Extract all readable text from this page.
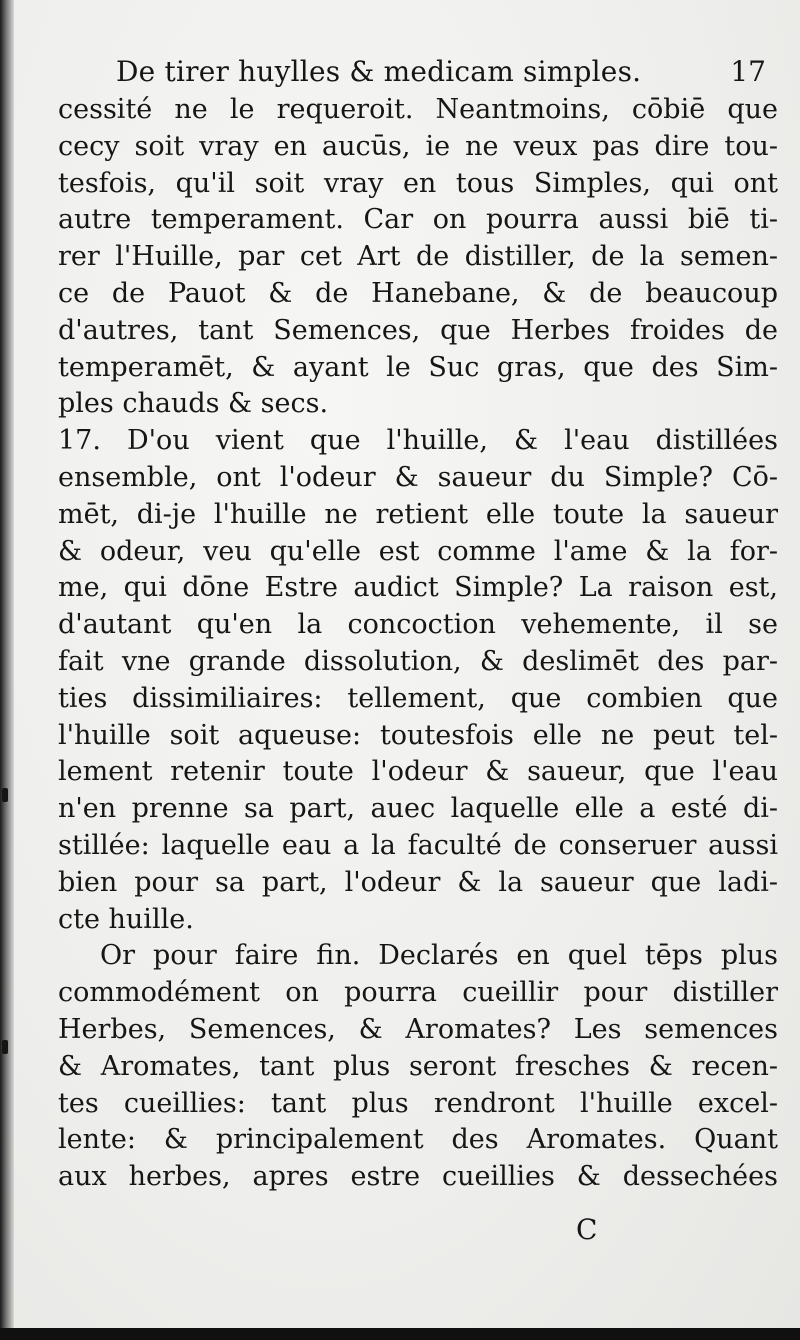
De tirer huylles & medicam simples.	17
cessité ne le requeroit. Neantmoins, cōbiē que
cecy soit vray en aucūs, ie ne veux pas dire tou-
tesfois, qu'il soit vray en tous Simples, qui ont
autre temperament. Car on pourra aussi biē ti-
rer l'Huille, par cet Art de distiller, de la semen-
ce de Pauot & de Hanebane, & de beaucoup
d'autres, tant Semences, que Herbes froides de
temperamēt, & ayant le Suc gras, que des Sim-
ples chauds & secs.
17. D'ou vient que l'huille, & l'eau distillées
ensemble, ont l'odeur & saueur du Simple? Cō-
mēt, di-je l'huille ne retient elle toute la saueur
& odeur, veu qu'elle est comme l'ame & la for-
me, qui dōne Estre audict Simple? La raison est,
d'autant qu'en la concoction vehemente, il se
fait vne grande dissolution, & deslimēt des par-
ties dissimiliaires: tellement, que combien que
l'huille soit aqueuse: toutesfois elle ne peut tel-
lement retenir toute l'odeur & saueur, que l'eau
n'en prenne sa part, auec laquelle elle a esté di-
stillée: laquelle eau a la faculté de conseruer aussi
bien pour sa part, l'odeur & la saueur que ladi-
cte huille.
Or pour faire fin. Declarés en quel tēps plus
commodément on pourra cueillir pour distiller
Herbes, Semences, & Aromates? Les semences
& Aromates, tant plus seront fresches & recen-
tes cueillies: tant plus rendront l'huille excel-
lente: & principalement des Aromates. Quant
aux herbes, apres estre cueillies & dessechées
C
